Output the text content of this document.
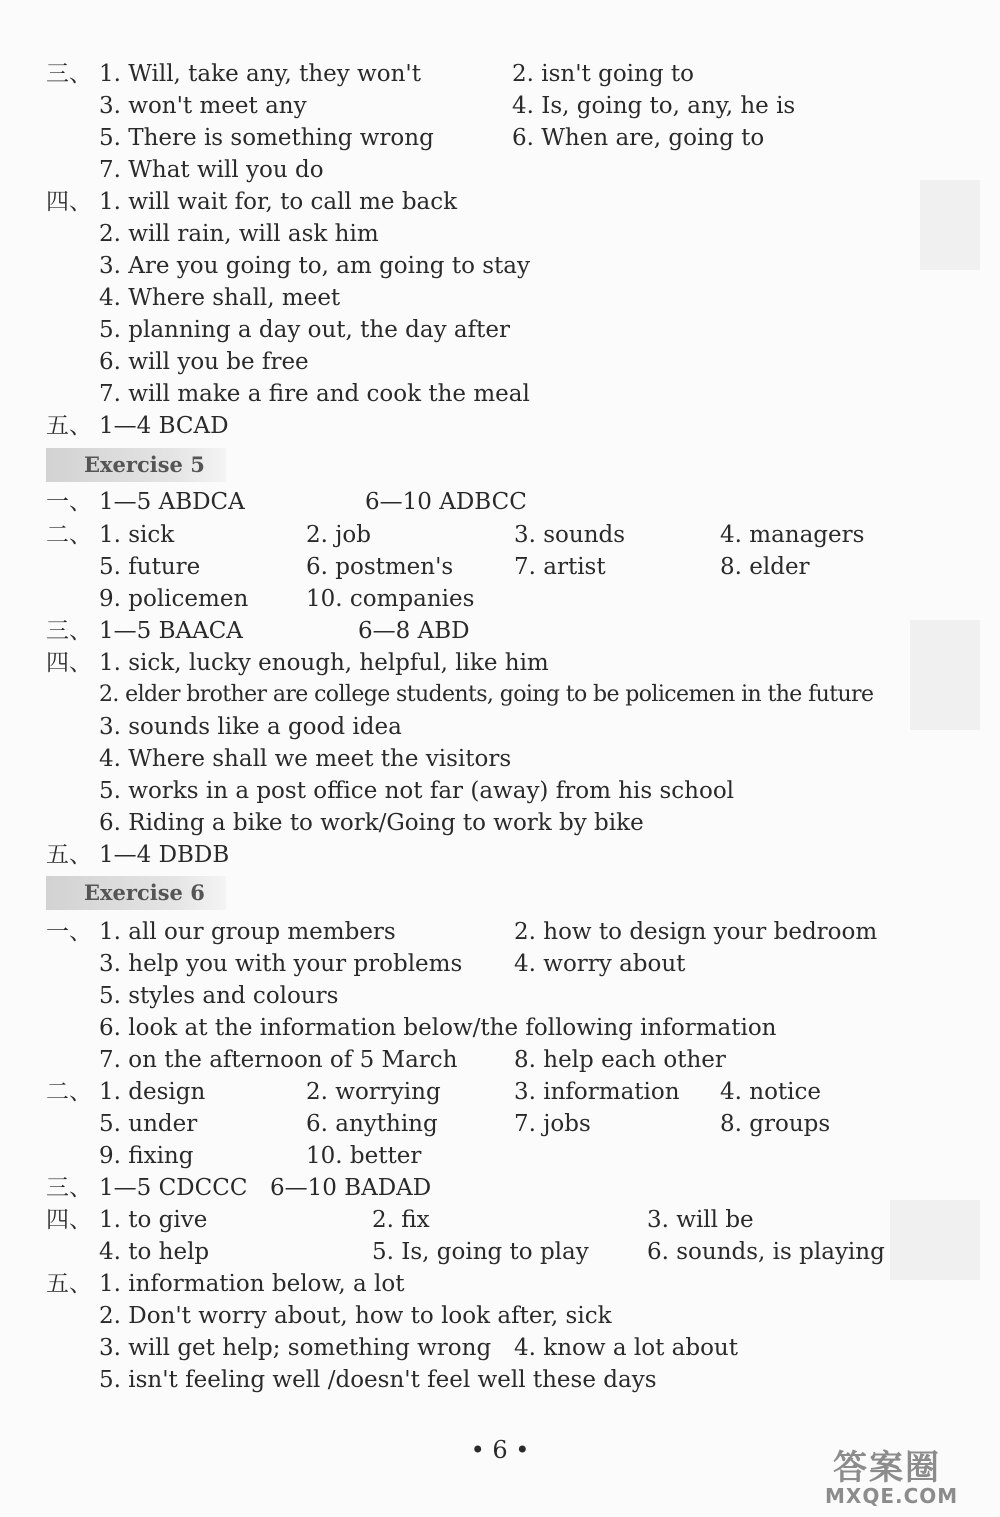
Exercise 5
Exercise 6
三、 1. Will, take any, they won't	2. isn't going to
3. won't meet any	4. Is, going to, any, he is
5. There is something wrong	6. When are, going to
7. What will you do
四、 1. will wait for, to call me back
2. will rain, will ask him
3. Are you going to, am going to stay
4. Where shall, meet
5. planning a day out, the day after
6. will you be free
7. will make a fire and cook the meal
五、 1—4 BCAD
一、 1—5 ABDCA	6—10 ADBCC
二、 1. sick	2. job	3. sounds	4. managers
5. future	6. postmen's	7. artist	8. elder
9. policemen	10. companies
三、 1—5 BAACA	6—8 ABD
四、 1. sick, lucky enough, helpful, like him
2. elder brother are college students, going to be policemen in the future
3. sounds like a good idea
4. Where shall we meet the visitors
5. works in a post office not far (away) from his school
6. Riding a bike to work/Going to work by bike
五、 1—4 DBDB
一、 1. all our group members	2. how to design your bedroom
3. help you with your problems 4. worry about
5. styles and colours
6. look at the information below/the following information
7. on the afternoon of 5 March 8. help each other
二、 1. design	2. worrying	3. information 4. notice
5. under	6. anything	7. jobs	8. groups
9. fixing	10. better
三、 1—5 CDCCC 6—10 BADAD
四、 1. to give	2. fix	3. will be
4. to help	5. Is, going to play	6. sounds, is playing
五、 1. information below, a lot
2. Don't worry about, how to look after, sick
3. will get help; something wrong 4. know a lot about
5. isn't feeling well /doesn't feel well these days
• 6 •	答案圈
MXQE.COM
